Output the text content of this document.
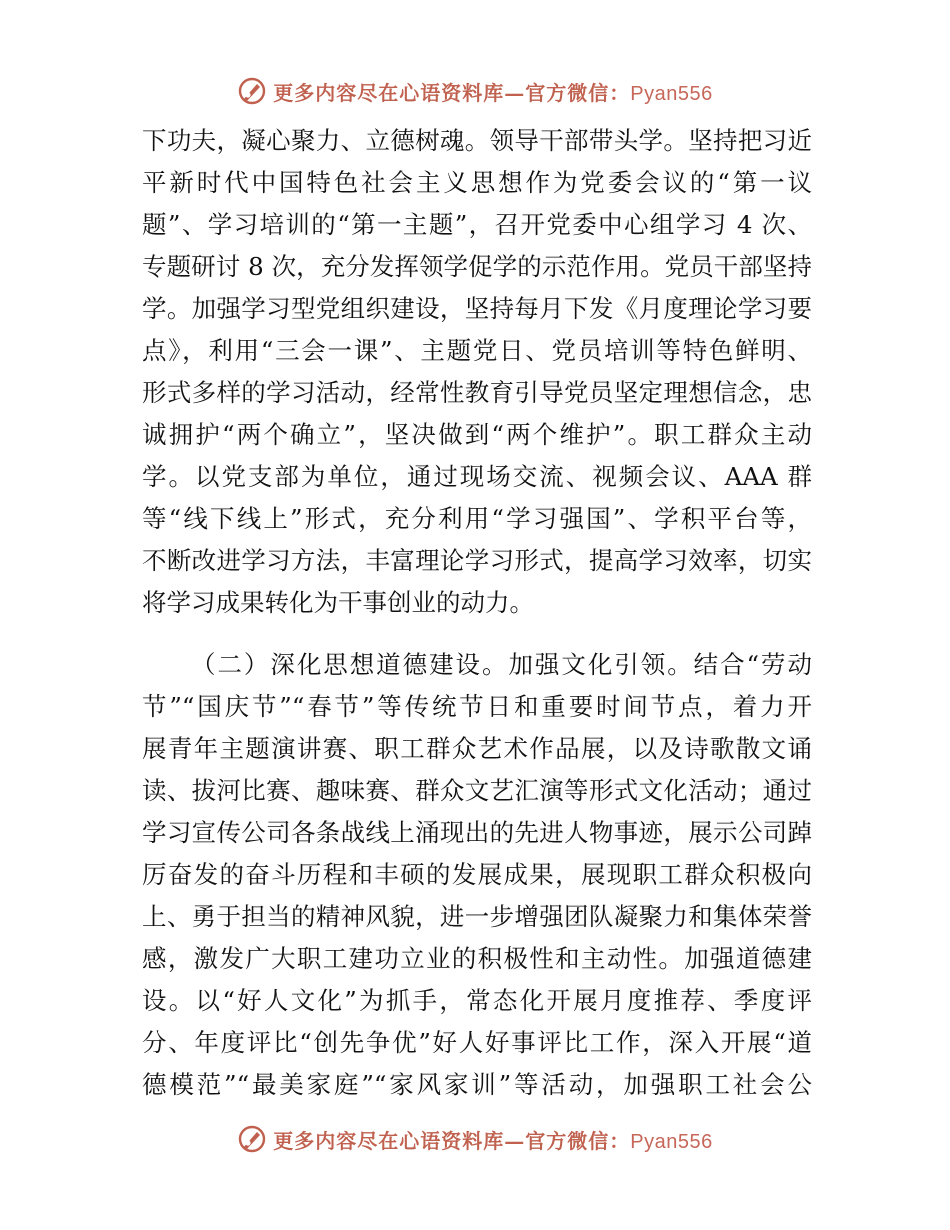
更多内容尽在心语资料库—官方微信：Pyan556
下功夫，凝心聚力、立德树魂。领导干部带头学。坚持把习近
平新时代中国特色社会主义思想作为党委会议的“第一议
题”、学习培训的“第一主题”，召开党委中心组学习 4 次、
专题研讨 8 次，充分发挥领学促学的示范作用。党员干部坚持
学。加强学习型党组织建设，坚持每月下发《月度理论学习要
点》，利用“三会一课”、主题党日、党员培训等特色鲜明、
形式多样的学习活动，经常性教育引导党员坚定理想信念，忠
诚拥护“两个确立”，坚决做到“两个维护”。职工群众主动
学。以党支部为单位，通过现场交流、视频会议、AAA 群
等“线下线上”形式，充分利用“学习强国”、学积平台等，
不断改进学习方法，丰富理论学习形式，提高学习效率，切实
将学习成果转化为干事创业的动力。
（二）深化思想道德建设。加强文化引领。结合“劳动
节”“国庆节”“春节”等传统节日和重要时间节点，着力开
展青年主题演讲赛、职工群众艺术作品展，以及诗歌散文诵
读、拔河比赛、趣味赛、群众文艺汇演等形式文化活动；通过
学习宣传公司各条战线上涌现出的先进人物事迹，展示公司踔
厉奋发的奋斗历程和丰硕的发展成果，展现职工群众积极向
上、勇于担当的精神风貌，进一步增强团队凝聚力和集体荣誉
感，激发广大职工建功立业的积极性和主动性。加强道德建
设。以“好人文化”为抓手，常态化开展月度推荐、季度评
分、年度评比“创先争优”好人好事评比工作，深入开展“道
德模范”“最美家庭”“家风家训”等活动，加强职工社会公
更多内容尽在心语资料库—官方微信：Pyan556
